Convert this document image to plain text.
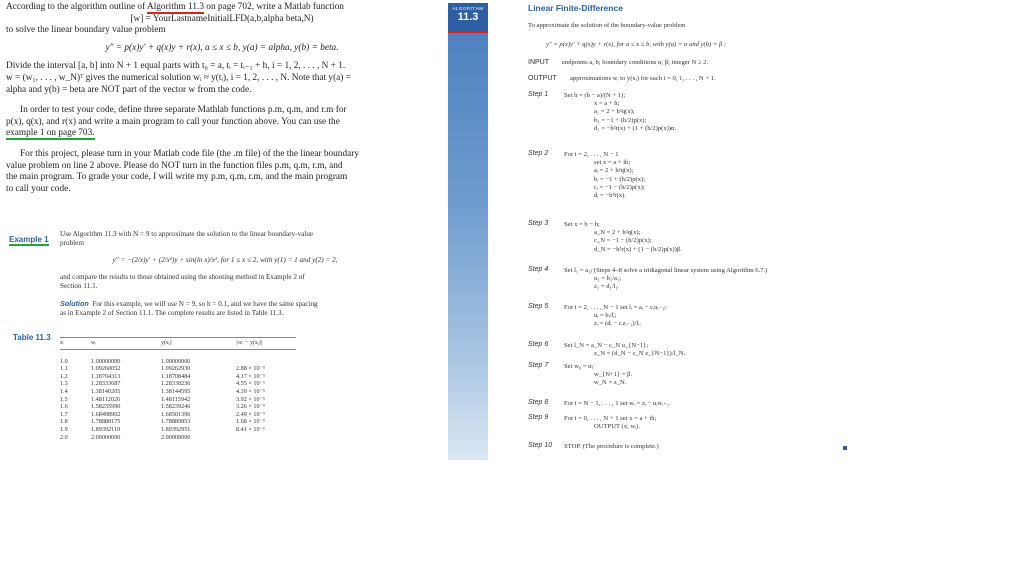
According to the algorithm outline of Algorithm 11.3 on page 702, write a Matlab function

[w] = YourLastnameInitialLFD(a,b,alpha beta,N)

to solve the linear boundary value problem

y″ = p(x)y′ + q(x)y + r(x), a ≤ x ≤ b, y(a) = alpha, y(b) = beta.

Divide the interval [a, b] into N + 1 equal parts with t₀ = a, tᵢ = tᵢ₋₁ + h, i = 1, 2, . . . , N + 1.

w = (w₁, . . . , w_N)ᵀ gives the numerical solution wᵢ ≈ y(tᵢ), i = 1, 2, . . . , N. Note that y(a) =

alpha and y(b) = beta are NOT part of the vector w from the code.

In order to test your code, define three separate Mathlab functions p.m, q.m, and r.m for

p(x), q(x), and r(x) and write a main program to call your function above. You can use the

example 1 on page 703.

For this project, please turn in your Matlab code file (the .m file) of the the linear boundary

value problem on line 2 above. Please do NOT turn in the function files p.m, q.m, r.m, and

the main program. To grade your code, I will write my p.m, q.m, r.m, and the main program

to call your code.

Example 1
Use Algorithm 11.3 with N = 9 to approximate the solution to the linear boundary-value
problem
y″ = −(2/x)y′ + (2/x²)y + sin(ln x)/x², for 1 ≤ x ≤ 2, with y(1) = 1 and y(2) = 2,
and compare the results to those obtained using the shooting method in Example 2 of
Section 11.1.
Solution For this example, we will use N = 9, so h = 0.1, and we have the same spacing
as in Example 2 of Section 11.1. The complete results are listed in Table 11.3.
Table 11.3
xᵢ	wᵢ	y(xᵢ)	|wᵢ − y(xᵢ)|
1.0	1.00000000	1.00000000	
1.1	1.09260052	1.09262930	2.88 × 10⁻⁵
1.2	1.18704313	1.18708484	4.17 × 10⁻⁵
1.3	1.28333687	1.28338236	4.55 × 10⁻⁵
1.4	1.38140205	1.38144595	4.39 × 10⁻⁵
1.5	1.48112026	1.48115942	3.92 × 10⁻⁵
1.6	1.58235990	1.58239246	3.26 × 10⁻⁵
1.7	1.68498902	1.68501396	2.49 × 10⁻⁵
1.8	1.78888175	1.78889853	1.68 × 10⁻⁵
1.9	1.89392110	1.89392951	8.41 × 10⁻⁶
2.0	2.00000000	2.00000000	
ALGORITHM
11.3
Linear Finite-Difference
To approximate the solution of the boundary-value problem
y″ = p(x)y′ + q(x)y + r(x), for a ≤ x ≤ b, with y(a) = α and y(b) = β :
INPUT endpoints a, b; boundary conditions α, β; integer N ≥ 2.
OUTPUT approximations wᵢ to y(xᵢ) for each i = 0, 1, . . . , N + 1.
Step 1 Set h = (b − a)/(N + 1);
x = a + h;
a₁ = 2 + h²q(x);
b₁ = −1 + (h/2)p(x);
d₁ = −h²r(x) + (1 + (h/2)p(x))α.
Step 2 For i = 2, . . . , N − 1
set x = a + ih;
aᵢ = 2 + h²q(x);
bᵢ = −1 + (h/2)p(x);
cᵢ = −1 − (h/2)p(x);
dᵢ = −h²r(x).
Step 3 Set x = b − h;
a_N = 2 + h²q(x);
c_N = −1 − (h/2)p(x);
d_N = −h²r(x) + (1 − (h/2)p(x))β.
Step 4 Set l₁ = a₁; (Steps 4–8 solve a tridiagonal linear system using Algorithm 6.7.)
u₁ = b₁/a₁;
z₁ = d₁/l₁.
Step 5 For i = 2, . . . , N − 1 set lᵢ = aᵢ − cᵢuᵢ₋₁;
uᵢ = bᵢ/lᵢ;
zᵢ = (dᵢ − cᵢzᵢ₋₁)/lᵢ.
Step 6 Set l_N = a_N − c_N u_{N−1};
z_N = (d_N − c_N z_{N−1})/l_N.
Step 7 Set w₀ = α;
w_{N+1} = β.
w_N = z_N.
Step 8 For i = N − 1, . . . , 1 set wᵢ = zᵢ − uᵢwᵢ₊₁.
Step 9 For i = 0, . . . , N + 1 set x = a + ih;
OUTPUT (x, wᵢ).
Step 10 STOP. (The procedure is complete.)
